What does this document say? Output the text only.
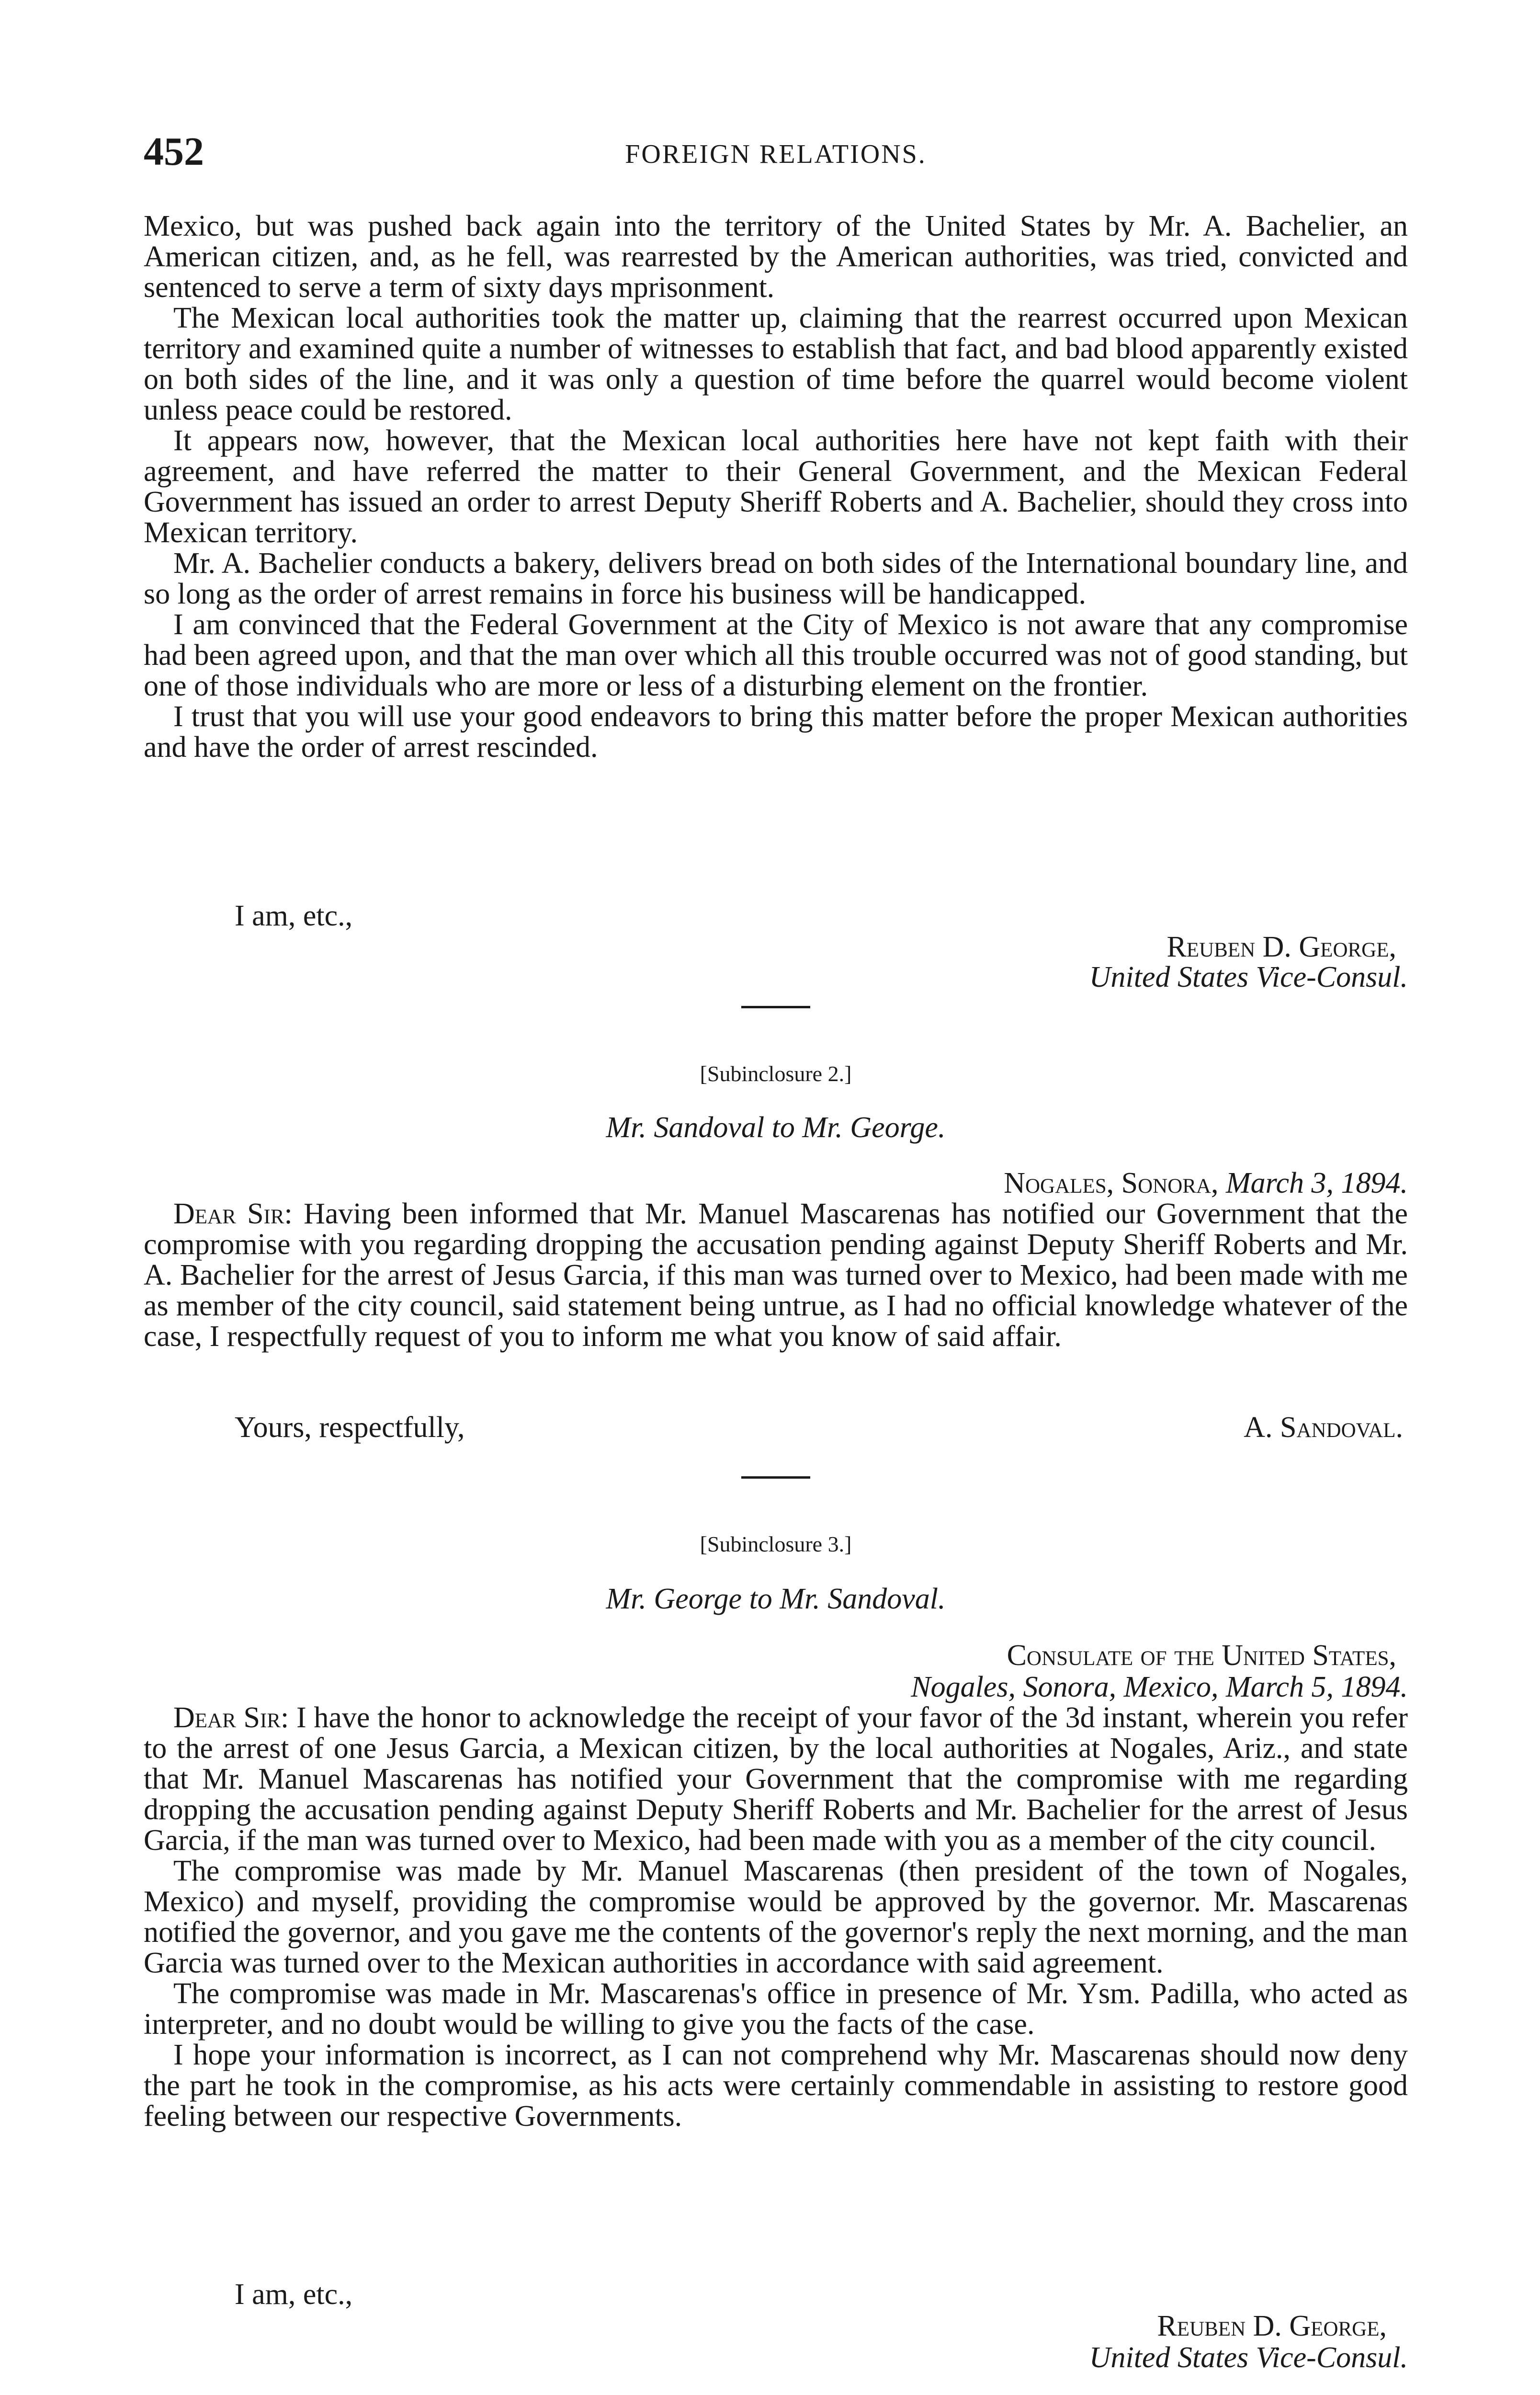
452	FOREIGN RELATIONS.

Mexico, but was pushed back again into the territory of the United States by Mr. A. Bachelier, an American citizen, and, as he fell, was rearrested by the American authorities, was tried, convicted and sentenced to serve a term of sixty days mprisonment.

The Mexican local authorities took the matter up, claiming that the rearrest occurred upon Mexican territory and examined quite a number of witnesses to establish that fact, and bad blood apparently existed on both sides of the line, and it was only a question of time before the quarrel would become violent unless peace could be restored.

It appears now, however, that the Mexican local authorities here have not kept faith with their agreement, and have referred the matter to their General Government, and the Mexican Federal Government has issued an order to arrest Deputy Sheriff Roberts and A. Bachelier, should they cross into Mexican territory.

Mr. A. Bachelier conducts a bakery, delivers bread on both sides of the International boundary line, and so long as the order of arrest remains in force his business will be handicapped.

I am convinced that the Federal Government at the City of Mexico is not aware that any compromise had been agreed upon, and that the man over which all this trouble occurred was not of good standing, but one of those individuals who are more or less of a disturbing element on the frontier.

I trust that you will use your good endeavors to bring this matter before the proper Mexican authorities and have the order of arrest rescinded.

I am, etc.,
Reuben D. George,
United States Vice-Consul.
[Subinclosure 2.]
Mr. Sandoval to Mr. George.
Nogales, Sonora, March 3, 1894.

Dear Sir: Having been informed that Mr. Manuel Mascarenas has notified our Government that the compromise with you regarding dropping the accusation pending against Deputy Sheriff Roberts and Mr. A. Bachelier for the arrest of Jesus Garcia, if this man was turned over to Mexico, had been made with me as member of the city council, said statement being untrue, as I had no official knowledge whatever of the case, I respectfully request of you to inform me what you know of said affair.

Yours, respectfully,	A. Sandoval.
[Subinclosure 3.]
Mr. George to Mr. Sandoval.
Consulate of the United States,
Nogales, Sonora, Mexico, March 5, 1894.

Dear Sir: I have the honor to acknowledge the receipt of your favor of the 3d instant, wherein you refer to the arrest of one Jesus Garcia, a Mexican citizen, by the local authorities at Nogales, Ariz., and state that Mr. Manuel Mascarenas has notified your Government that the compromise with me regarding dropping the accusation pending against Deputy Sheriff Roberts and Mr. Bachelier for the arrest of Jesus Garcia, if the man was turned over to Mexico, had been made with you as a member of the city council.

The compromise was made by Mr. Manuel Mascarenas (then president of the town of Nogales, Mexico) and myself, providing the compromise would be approved by the governor. Mr. Mascarenas notified the governor, and you gave me the contents of the governor's reply the next morning, and the man Garcia was turned over to the Mexican authorities in accordance with said agreement.

The compromise was made in Mr. Mascarenas's office in presence of Mr. Ysm. Padilla, who acted as interpreter, and no doubt would be willing to give you the facts of the case.

I hope your information is incorrect, as I can not comprehend why Mr. Mascarenas should now deny the part he took in the compromise, as his acts were certainly commendable in assisting to restore good feeling between our respective Governments.

I am, etc.,
Reuben D. George,
United States Vice-Consul.
